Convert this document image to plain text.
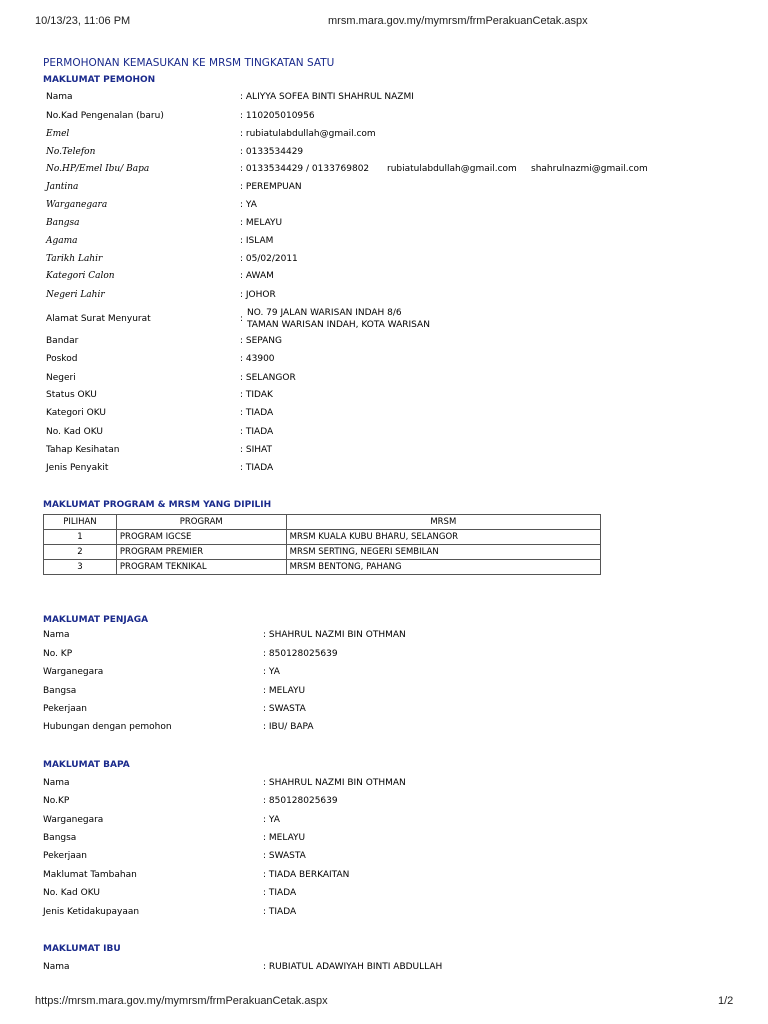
10/13/23, 11:06 PM	mrsm.mara.gov.my/mymrsm/frmPerakuanCetak.aspx
PERMOHONAN KEMASUKAN KE MRSM TINGKATAN SATU
MAKLUMAT PEMOHON
Nama	: ALIYYA SOFEA BINTI SHAHRUL NAZMI
No.Kad Pengenalan (baru)	: 110205010956
Emel	: rubiatulabdullah@gmail.com
No.Telefon	: 0133534429
No.HP/Emel Ibu/ Bapa	: 0133534429 / 0133769802 rubiatulabdullah@gmail.com shahrulnazmi@gmail.com
Jantina	: PEREMPUAN
Warganegara	: YA
Bangsa	: MELAYU
Agama	: ISLAM
Tarikh Lahir	: 05/02/2011
Kategori Calon	: AWAM
Negeri Lahir	: JOHOR
Alamat Surat Menyurat	:
NO. 79 JALAN WARISAN INDAH 8/6
TAMAN WARISAN INDAH, KOTA WARISAN
Bandar	: SEPANG
Poskod	: 43900
Negeri	: SELANGOR
Status OKU	: TIDAK
Kategori OKU	: TIADA
No. Kad OKU	: TIADA
Tahap Kesihatan	: SIHAT
Jenis Penyakit	: TIADA
MAKLUMAT PROGRAM & MRSM YANG DIPILIH
PILIHAN	PROGRAM	MRSM
1	PROGRAM IGCSE	MRSM KUALA KUBU BHARU, SELANGOR
2	PROGRAM PREMIER	MRSM SERTING, NEGERI SEMBILAN
3	PROGRAM TEKNIKAL	MRSM BENTONG, PAHANG
MAKLUMAT PENJAGA
Nama	: SHAHRUL NAZMI BIN OTHMAN
No. KP	: 850128025639
Warganegara	: YA
Bangsa	: MELAYU
Pekerjaan	: SWASTA
Hubungan dengan pemohon	: IBU/ BAPA
MAKLUMAT BAPA
Nama	: SHAHRUL NAZMI BIN OTHMAN
No.KP	: 850128025639
Warganegara	: YA
Bangsa	: MELAYU
Pekerjaan	: SWASTA
Maklumat Tambahan	: TIADA BERKAITAN
No. Kad OKU	: TIADA
Jenis Ketidakupayaan	: TIADA
MAKLUMAT IBU
Nama	: RUBIATUL ADAWIYAH BINTI ABDULLAH
https://mrsm.mara.gov.my/mymrsm/frmPerakuanCetak.aspx	1/2
